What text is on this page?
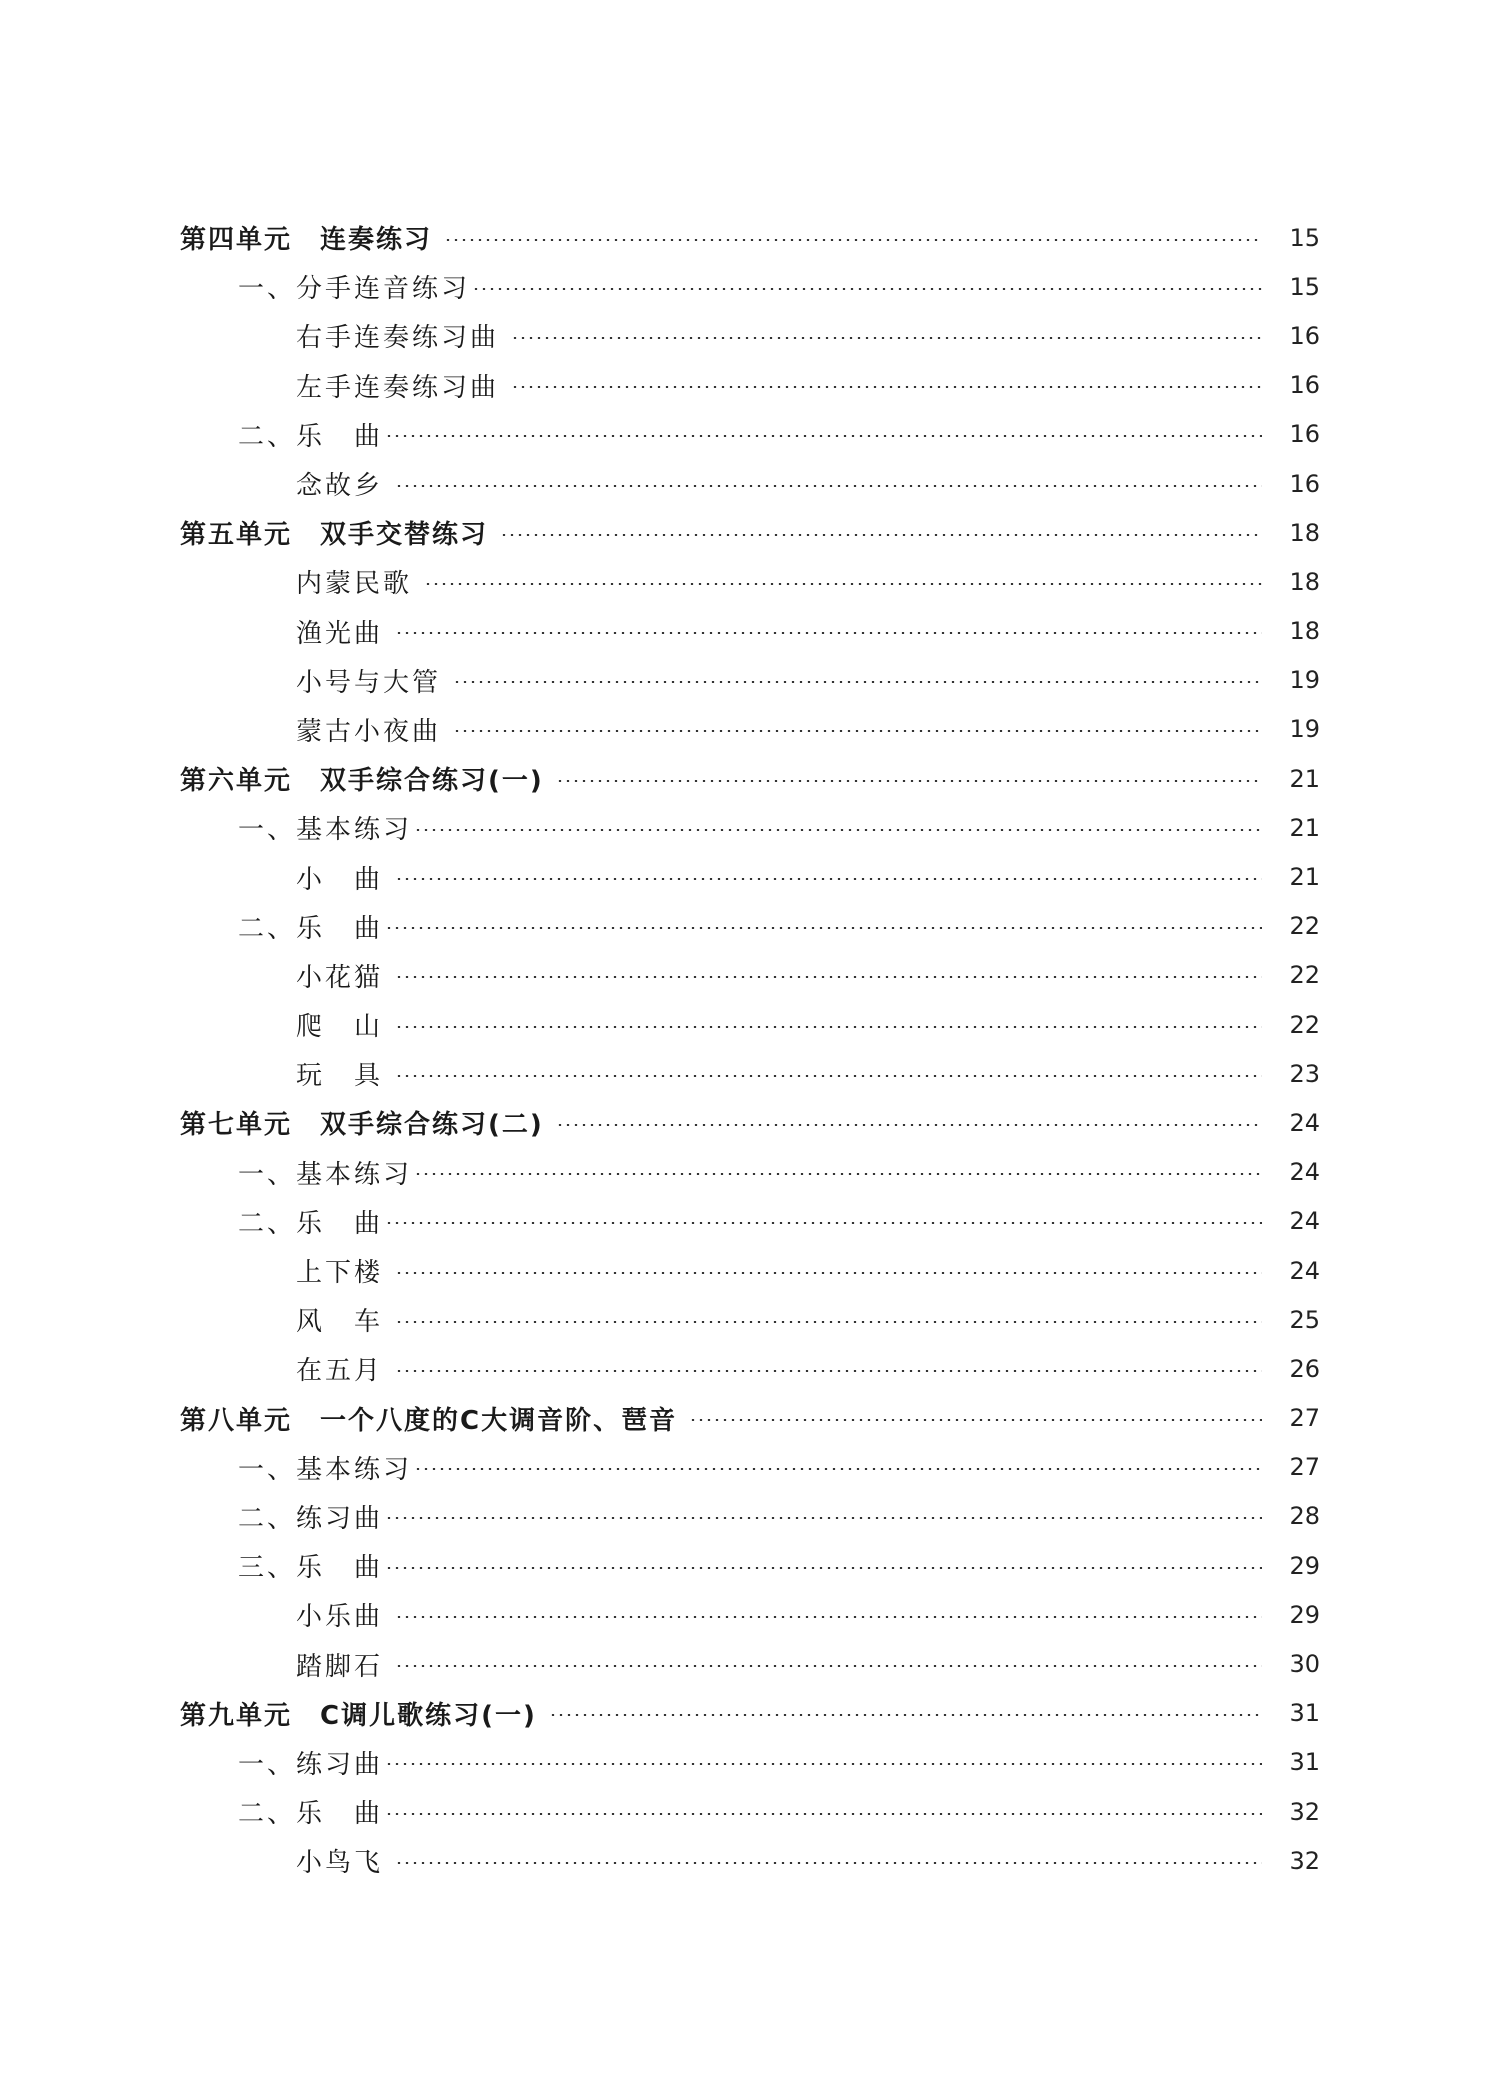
第四单元　连奏练习	15
一、分手连音练习	15
右手连奏练习曲	16
左手连奏练习曲	16
二、乐　曲	16
念故乡	16
第五单元　双手交替练习	18
内蒙民歌	18
渔光曲	18
小号与大管	19
蒙古小夜曲	19
第六单元　双手综合练习(一)	21
一、基本练习	21
小　曲	21
二、乐　曲	22
小花猫	22
爬　山	22
玩　具	23
第七单元　双手综合练习(二)	24
一、基本练习	24
二、乐　曲	24
上下楼	24
风　车	25
在五月	26
第八单元　一个八度的C大调音阶、琶音	27
一、基本练习	27
二、练习曲	28
三、乐　曲	29
小乐曲	29
踏脚石	30
第九单元　C调儿歌练习(一)	31
一、练习曲	31
二、乐　曲	32
小鸟飞	32
